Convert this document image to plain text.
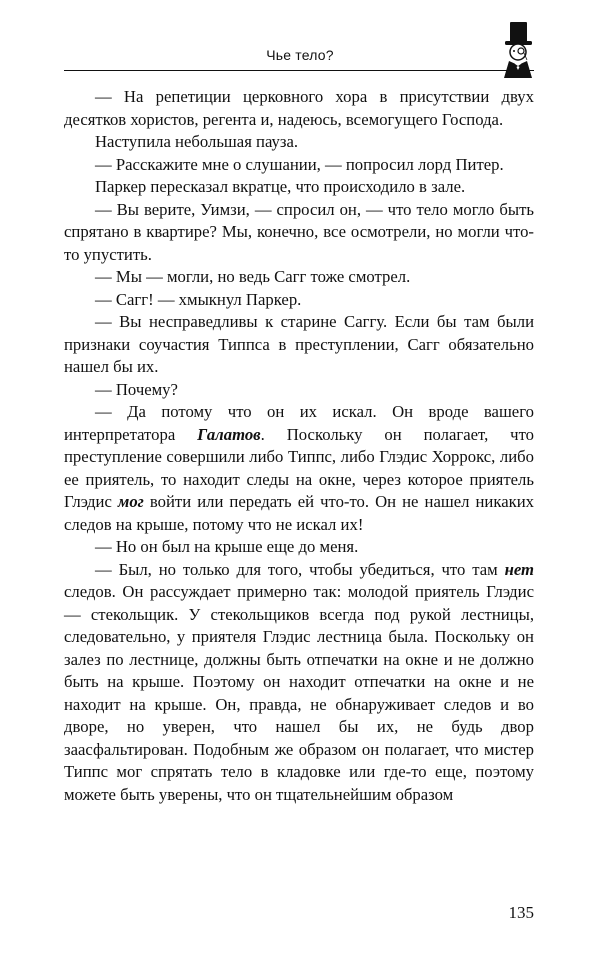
Чье тело?

— На репетиции церковного хора в присутствии двух десятков хористов, регента и, надеюсь, всемогущего Господа.

Наступила небольшая пауза.

— Расскажите мне о слушании, — попросил лорд Питер.

Паркер пересказал вкратце, что происходило в зале.

— Вы верите, Уимзи, — спросил он, — что тело могло быть спрятано в квартире? Мы, конечно, все осмотрели, но могли что-то упустить.

— Мы — могли, но ведь Сагг тоже смотрел.

— Сагг! — хмыкнул Паркер.

— Вы несправедливы к старине Саггу. Если бы там были признаки соучастия Типпса в преступлении, Сагг обязательно нашел бы их.

— Почему?

— Да потому что он их искал. Он вроде вашего интерпретатора Галатов. Поскольку он полагает, что преступление совершили либо Типпс, либо Глэдис Хоррокс, либо ее приятель, то находит следы на окне, через которое приятель Глэдис мог войти или передать ей что-то. Он не нашел никаких следов на крыше, потому что не искал их!

— Но он был на крыше еще до меня.

— Был, но только для того, чтобы убедиться, что там нет следов. Он рассуждает примерно так: молодой приятель Глэдис — стекольщик. У стекольщиков всегда под рукой лестницы, следовательно, у приятеля Глэдис лестница была. Поскольку он залез по лестнице, должны быть отпечатки на окне и не должно быть на крыше. Поэтому он находит отпечатки на окне и не находит на крыше. Он, правда, не обнаруживает следов и во дворе, но уверен, что нашел бы их, не будь двор заасфальтирован. Подобным же образом он полагает, что мистер Типпс мог спрятать тело в кладовке или где-то еще, поэтому можете быть уверены, что он тщательнейшим образом

135
